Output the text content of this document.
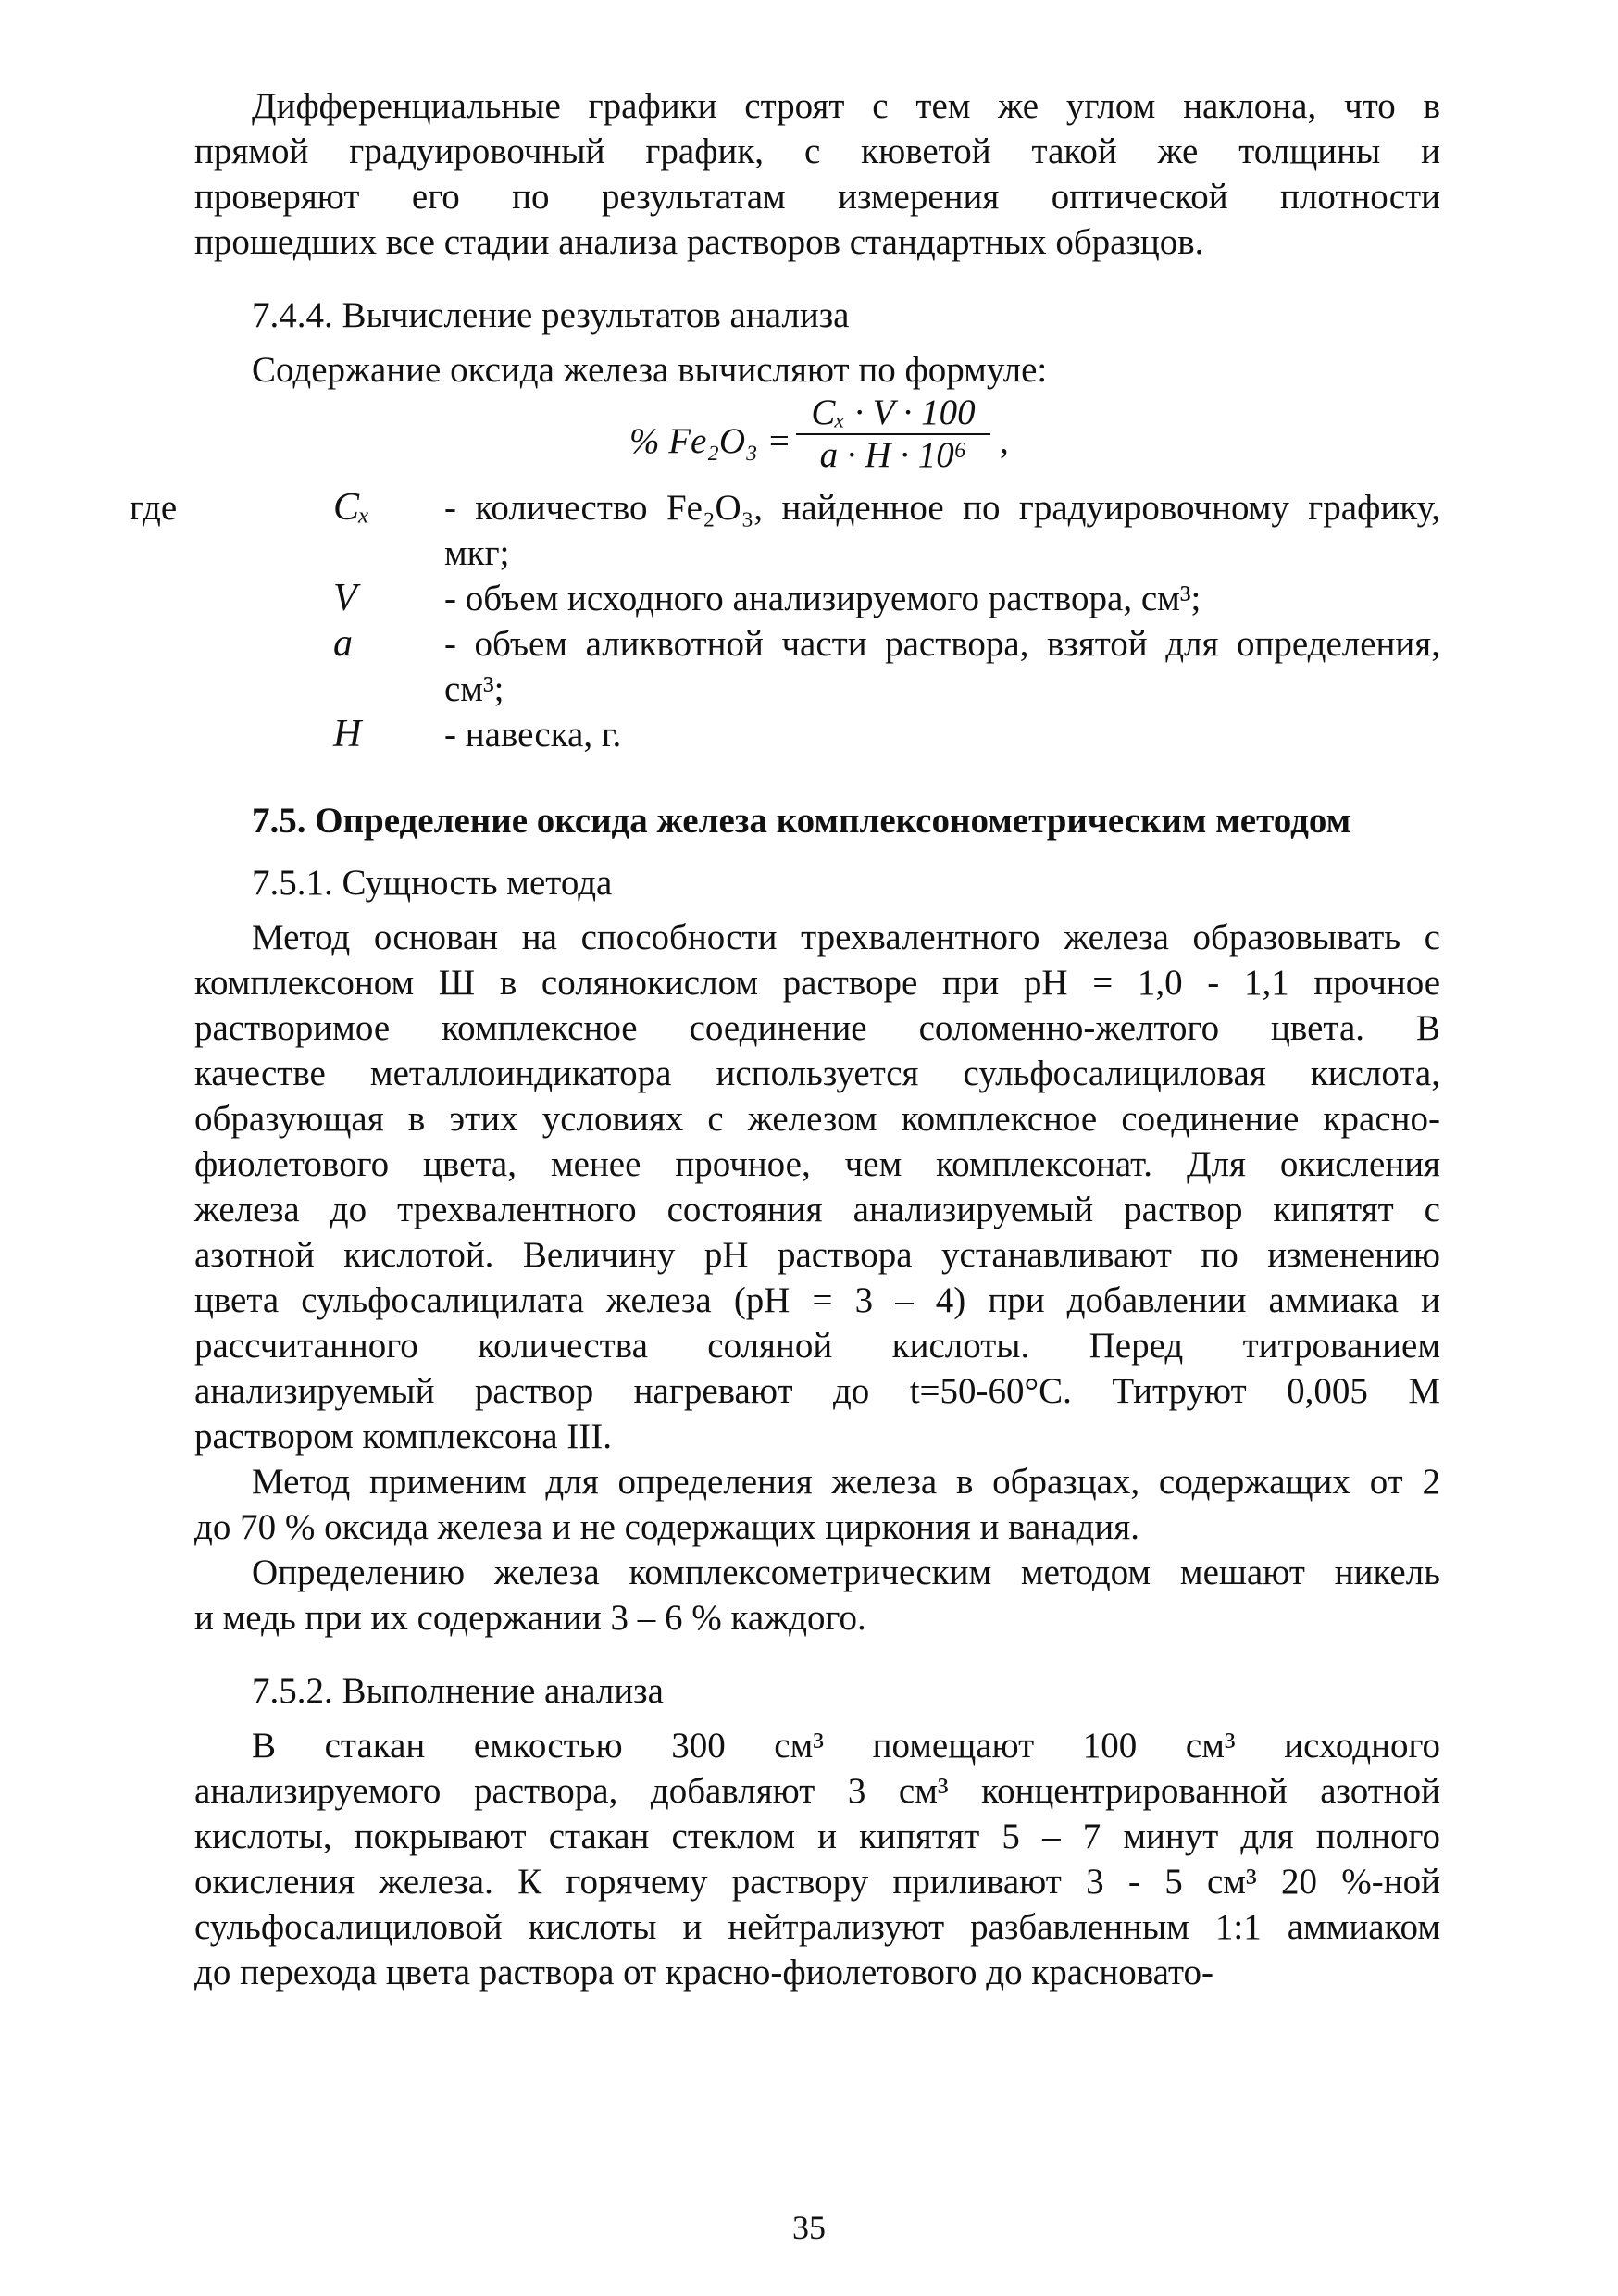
Дифференциальные графики строят с тем же углом наклона, что в
прямой градуировочный график, с кюветой такой же толщины и
проверяют его по результатам измерения оптической плотности
прошедших все стадии анализа растворов стандартных образцов.
7.4.4. Вычисление результатов анализа
Содержание оксида железа вычисляют по формуле:
% $Fe_2O_3 = \frac{\text{Cₓ · V · 100}}{\text{a · H · 10⁶}}$ ,
где	Cₓ - количество Fe₂O₃, найденное по градуировочному графику, мкг;
V - объем исходного анализируемого раствора, см³;
a	- объем аликвотной части раствора, взятой для определения, см³;
H - навеска, г.
7.5. Определение оксида железа комплексонометрическим методом
7.5.1. Сущность метода
Метод основан на способности трехвалентного железа образовывать с
комплексоном Ш в солянокислом растворе при pH = 1,0 - 1,1 прочное
растворимое комплексное соединение соломенно-желтого цвета. В
качестве металлоиндикатора используется сульфосалициловая кислота,
образующая в этих условиях с железом комплексное соединение красно-
фиолетового цвета, менее прочное, чем комплексонат. Для окисления
железа до трехвалентного состояния анализируемый раствор кипятят с
азотной кислотой. Величину pH раствора устанавливают по изменению
цвета сульфосалицилата железа (pH = 3 – 4) при добавлении аммиака и
рассчитанного количества соляной кислоты. Перед титрованием
анализируемый раствор нагревают до t=50-60°С. Титруют 0,005 М
раствором комплексона III.
Метод применим для определения железа в образцах, содержащих от 2
до 70 % оксида железа и не содержащих циркония и ванадия.
Определению железа комплексометрическим методом мешают никель
и медь при их содержании 3 – 6 % каждого.
7.5.2. Выполнение анализа
В стакан емкостью 300 см³ помещают 100 см³ исходного
анализируемого раствора, добавляют 3 см³ концентрированной азотной
кислоты, покрывают стакан стеклом и кипятят 5 – 7 минут для полного
окисления железа. К горячему раствору приливают 3 - 5 см³ 20 %-ной
сульфосалициловой кислоты и нейтрализуют разбавленным 1:1 аммиаком
до перехода цвета раствора от красно-фиолетового до красновато-
35
